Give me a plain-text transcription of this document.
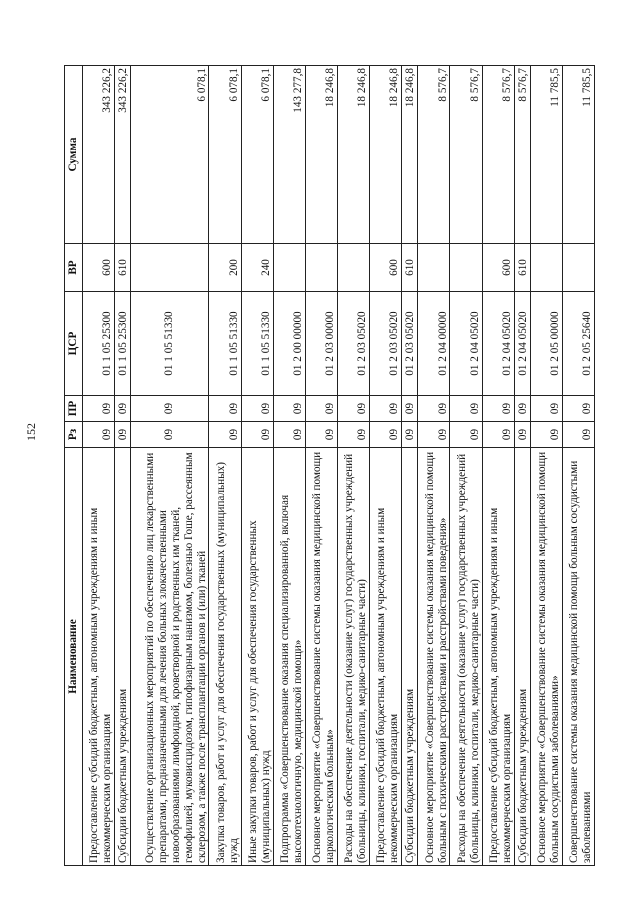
152
Наименование	Рз	ПР	ЦСР	ВР	Сумма
Предоставление субсидий бюджетным, автономным учреждениям и иным некоммерческим организациям	09	09	01 1 05 25300	600	343 226,2
Субсидии бюджетным учреждениям	09	09	01 1 05 25300	610	343 226,2
Осуществление организационных мероприятий по обеспечению лиц лекарственными препаратами, предназначенными для лечения больных злокачественными новообразованиями лимфоидной, кроветворной и родственных им тканей, гемофилией, муковисцидозом, гипофизарным нанизмом, болезнью Гоше, рассеянным склерозом, а также после трансплантации органов и (или) тканей	09	09	01 1 05 51330		6 078,1
Закупка товаров, работ и услуг для обеспечения государственных (муниципальных) нужд	09	09	01 1 05 51330	200	6 078,1
Иные закупки товаров, работ и услуг для обеспечения государственных (муниципальных) нужд	09	09	01 1 05 51330	240	6 078,1
Подпрограмма «Совершенствование оказания специализированной, включая высокотехнологичную, медицинской помощи»	09	09	01 2 00 00000		143 277,8
Основное мероприятие «Совершенствование системы оказания медицинской помощи наркологическим больным»	09	09	01 2 03 00000		18 246,8
Расходы на обеспечение деятельности (оказание услуг) государственных учреждений (больницы, клиники, госпитали, медико-санитарные части)	09	09	01 2 03 05020		18 246,8
Предоставление субсидий бюджетным, автономным учреждениям и иным некоммерческим организациям	09	09	01 2 03 05020	600	18 246,8
Субсидии бюджетным учреждениям	09	09	01 2 03 05020	610	18 246,8
Основное мероприятие «Совершенствование системы оказания медицинской помощи больным с психическими расстройствами и расстройствами поведения»	09	09	01 2 04 00000		8 576,7
Расходы на обеспечение деятельности (оказание услуг) государственных учреждений (больницы, клиники, госпитали, медико-санитарные части)	09	09	01 2 04 05020		8 576,7
Предоставление субсидий бюджетным, автономным учреждениям и иным некоммерческим организациям	09	09	01 2 04 05020	600	8 576,7
Субсидии бюджетным учреждениям	09	09	01 2 04 05020	610	8 576,7
Основное мероприятие «Совершенствование системы оказания медицинской помощи больным сосудистыми заболеваниями»	09	09	01 2 05 00000		11 785,5
Совершенствование системы оказания медицинской помощи больным сосудистыми заболеваниями	09	09	01 2 05 25640		11 785,5
